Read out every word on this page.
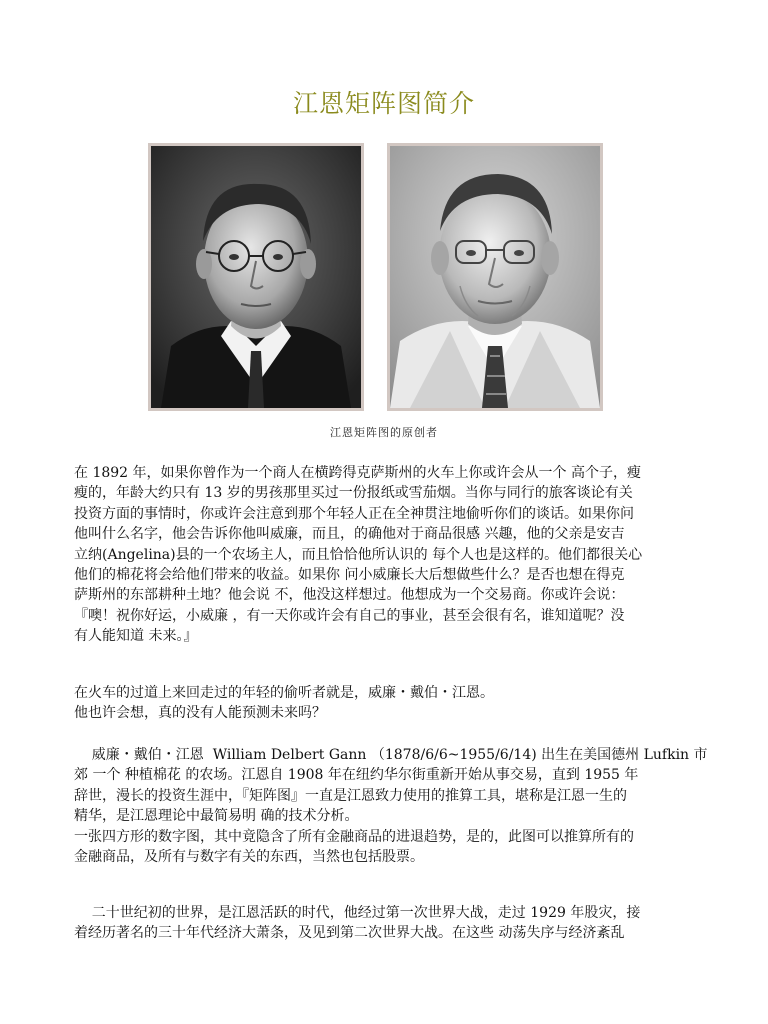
江恩矩阵图简介
江恩矩阵图的原创者
在 1892 年，如果你曾作为一个商人在横跨得克萨斯州的火车上你或许会从一个 高个子，瘦
瘦的，年龄大约只有 13 岁的男孩那里买过一份报纸或雪茄烟。当你与同行的旅客谈论有关
投资方面的事情时，你或许会注意到那个年轻人正在全神贯注地偷听你们的谈话。如果你问
他叫什么名字，他会告诉你他叫威廉，而且，的确他对于商品很感 兴趣，他的父亲是安吉
立纳(Angelina)县的一个农场主人，而且恰恰他所认识的 每个人也是这样的。他们都很关心
他们的棉花将会给他们带来的收益。如果你 问小威廉长大后想做些什么？是否也想在得克
萨斯州的东部耕种土地？他会说 不，他没这样想过。他想成为一个交易商。你或许会说：
『噢！祝你好运，小威廉 ，有一天你或许会有自己的事业，甚至会很有名，谁知道呢？没
有人能知道 未来。』
在火车的过道上来回走过的年轻的偷听者就是，威廉・戴伯・江恩。
他也许会想，真的没有人能预测未来吗？
威廉・戴伯・江恩  William Delbert Gann （1878/6/6~1955/6/14) 出生在美国德州 Lufkin 市
郊 一个 种植棉花 的农场。江恩自 1908 年在纽约华尔街重新开始从事交易，直到 1955 年
辞世，漫长的投资生涯中，『矩阵图』一直是江恩致力使用的推算工具，堪称是江恩一生的
精华，是江恩理论中最简易明 确的技术分析。
一张四方形的数字图，其中竟隐含了所有金融商品的进退趋势，是的，此图可以推算所有的
金融商品，及所有与数字有关的东西，当然也包括股票。
二十世纪初的世界，是江恩活跃的时代，他经过第一次世界大战，走过 1929 年股灾，接
着经历著名的三十年代经济大萧条，及见到第二次世界大战。在这些 动荡失序与经济紊乱
